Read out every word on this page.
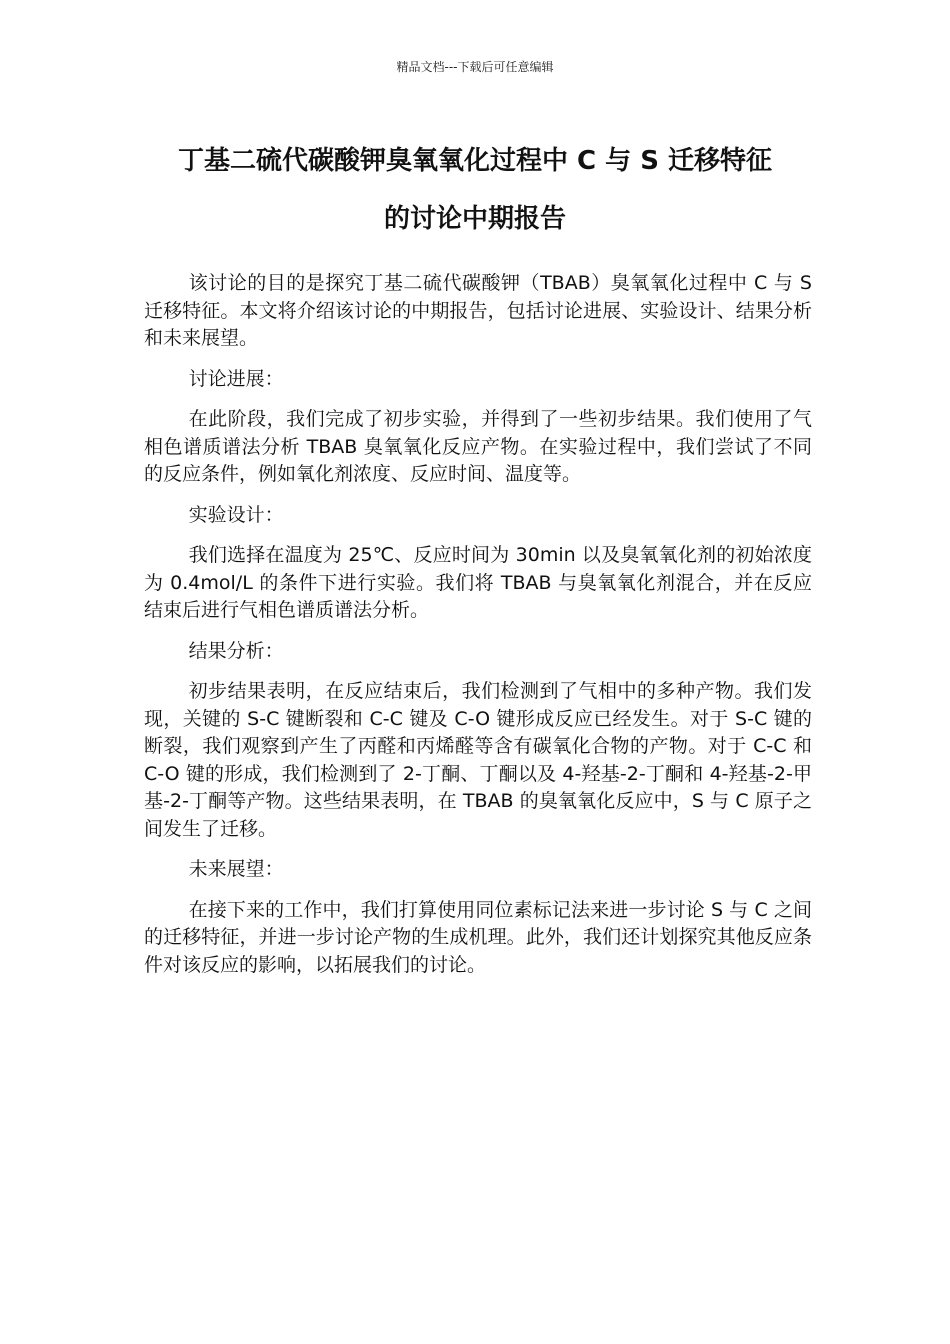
精品文档---下载后可任意编辑
丁基二硫代碳酸钾臭氧氧化过程中 C 与 S 迁移特征
的讨论中期报告

该讨论的目的是探究丁基二硫代碳酸钾（TBAB）臭氧氧化过程中 C 与 S 迁移特征。本文将介绍该讨论的中期报告，包括讨论进展、实验设计、结果分析和未来展望。

讨论进展：

在此阶段，我们完成了初步实验，并得到了一些初步结果。我们使用了气相色谱质谱法分析 TBAB 臭氧氧化反应产物。在实验过程中，我们尝试了不同的反应条件，例如氧化剂浓度、反应时间、温度等。

实验设计：

我们选择在温度为 25℃、反应时间为 30min 以及臭氧氧化剂的初始浓度为 0.4mol/L 的条件下进行实验。我们将 TBAB 与臭氧氧化剂混合，并在反应结束后进行气相色谱质谱法分析。

结果分析：

初步结果表明，在反应结束后，我们检测到了气相中的多种产物。我们发现，关键的 S-C 键断裂和 C-C 键及 C-O 键形成反应已经发生。对于 S-C 键的断裂，我们观察到产生了丙醛和丙烯醛等含有碳氧化合物的产物。对于 C-C 和 C-O 键的形成，我们检测到了 2-丁酮、丁酮以及 4-羟基-2-丁酮和 4-羟基-2-甲基-2-丁酮等产物。这些结果表明，在 TBAB 的臭氧氧化反应中，S 与 C 原子之间发生了迁移。

未来展望：

在接下来的工作中，我们打算使用同位素标记法来进一步讨论 S 与 C 之间的迁移特征，并进一步讨论产物的生成机理。此外，我们还计划探究其他反应条件对该反应的影响，以拓展我们的讨论。
